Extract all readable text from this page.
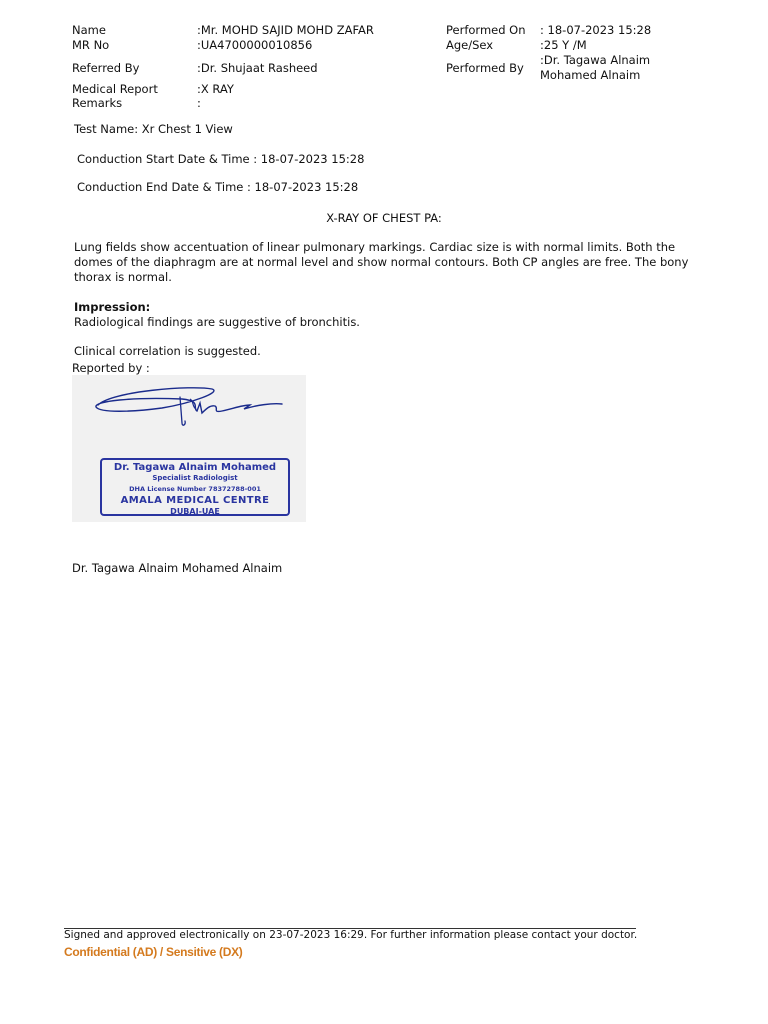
Name	:Mr. MOHD SAJID MOHD ZAFAR
MR No	:UA4700000010856
Referred By	:Dr. Shujaat Rasheed
Medical Report	:X RAY
Remarks	:
Performed On : 18-07-2023 15:28
Age/Sex	:25 Y /M
Performed By
:Dr. Tagawa Alnaim
Mohamed Alnaim
Test Name: Xr Chest 1 View
Conduction Start Date & Time : 18-07-2023 15:28
Conduction End Date & Time : 18-07-2023 15:28
X-RAY OF CHEST PA:
Lung fields show accentuation of linear pulmonary markings. Cardiac size is with normal limits. Both the domes of the diaphragm are at normal level and show normal contours. Both CP angles are free. The bony thorax is normal.
Impression:
Radiological findings are suggestive of bronchitis.
Clinical correlation is suggested.
Reported by :
Dr. Tagawa Alnaim Mohamed
Specialist Radiologist
DHA License Number 78372788-001
AMALA MEDICAL CENTRE
DUBAI-UAE
Dr. Tagawa Alnaim Mohamed Alnaim
Signed and approved electronically on 23-07-2023 16:29. For further information please contact your doctor.
Confidential (AD) / Sensitive (DX)
